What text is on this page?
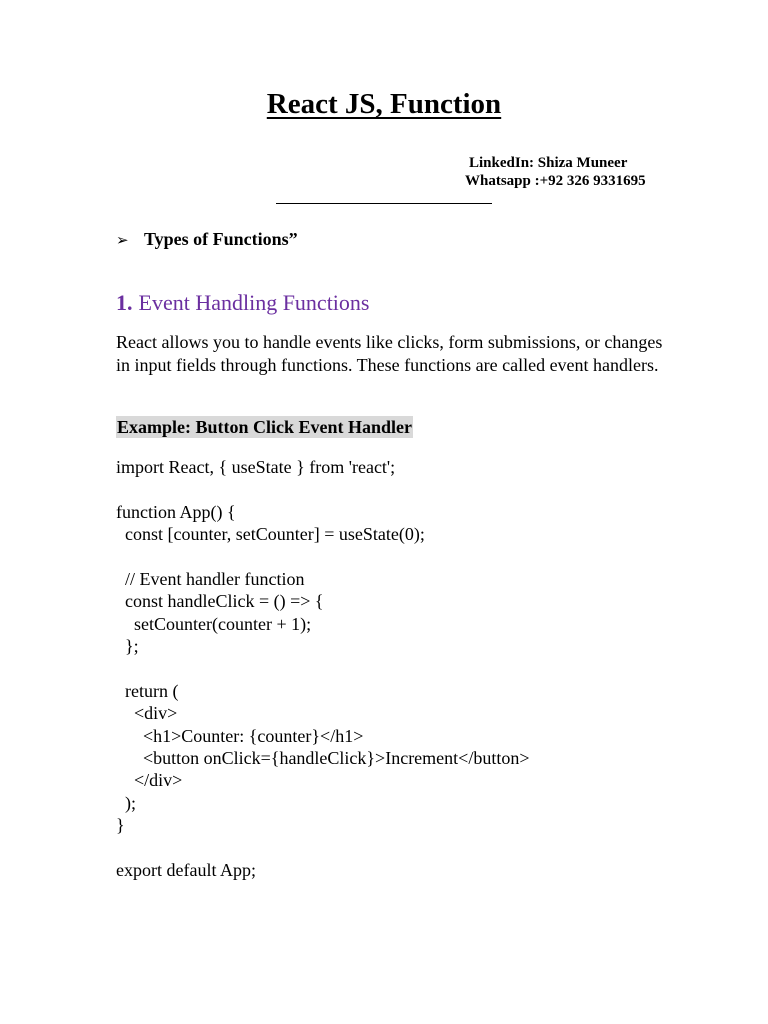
React JS, Function
LinkedIn: Shiza Muneer
Whatsapp :+92 326 9331695
➢ Types of Functions”
1. Event Handling Functions

React allows you to handle events like clicks, form submissions, or changes in input fields through functions. These functions are called event handlers.

Example: Button Click Event Handler
import React, { useState } from 'react';
function App() {
const [counter, setCounter] = useState(0);
// Event handler function
const handleClick = () => {
setCounter(counter + 1);
};
return (
<div>
<h1>Counter: {counter}</h1>
<button onClick={handleClick}>Increment</button>
</div>
);
}
export default App;
